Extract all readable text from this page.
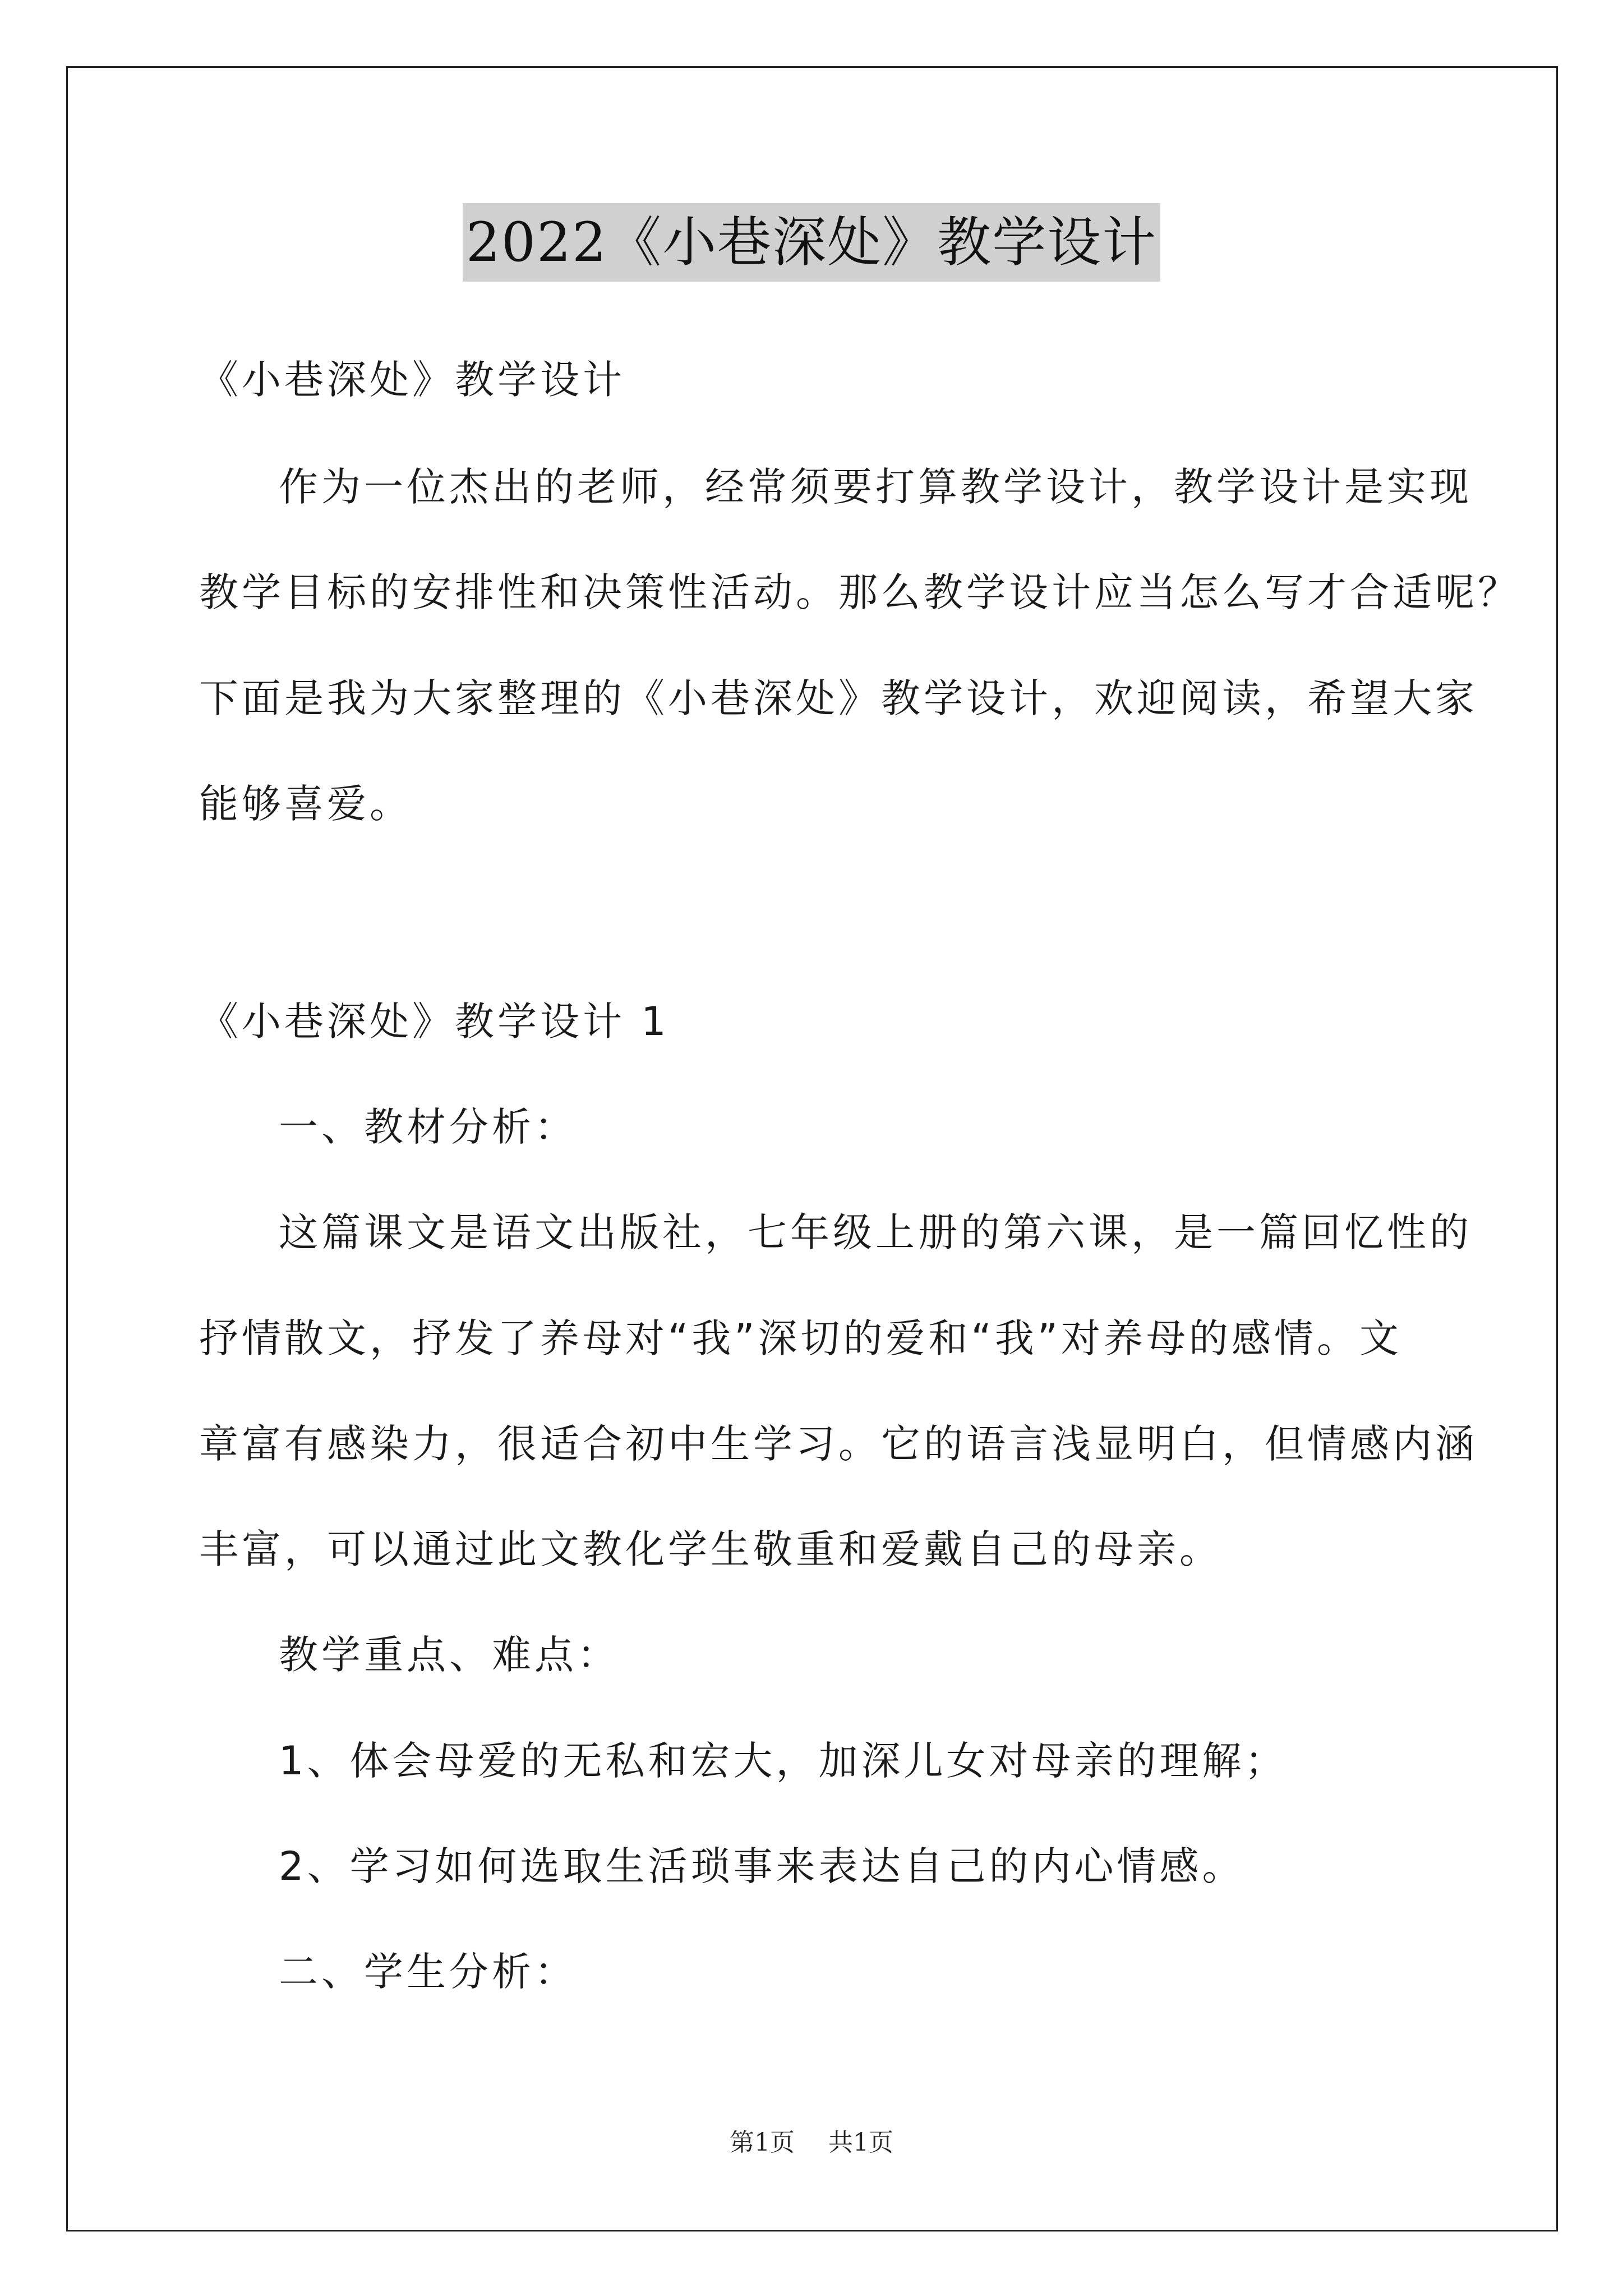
2022《小巷深处》教学设计
《小巷深处》教学设计
作为一位杰出的老师，经常须要打算教学设计，教学设计是实现
教学目标的安排性和决策性活动。那么教学设计应当怎么写才合适呢？
下面是我为大家整理的《小巷深处》教学设计，欢迎阅读，希望大家
能够喜爱。
《小巷深处》教学设计 1
一、教材分析：
这篇课文是语文出版社，七年级上册的第六课，是一篇回忆性的
抒情散文，抒发了养母对“我”深切的爱和“我”对养母的感情。文
章富有感染力，很适合初中生学习。它的语言浅显明白，但情感内涵
丰富，可以通过此文教化学生敬重和爱戴自己的母亲。
教学重点、难点：
1、体会母爱的无私和宏大，加深儿女对母亲的理解；
2、学习如何选取生活琐事来表达自己的内心情感。
二、学生分析：
第1页 共1页
